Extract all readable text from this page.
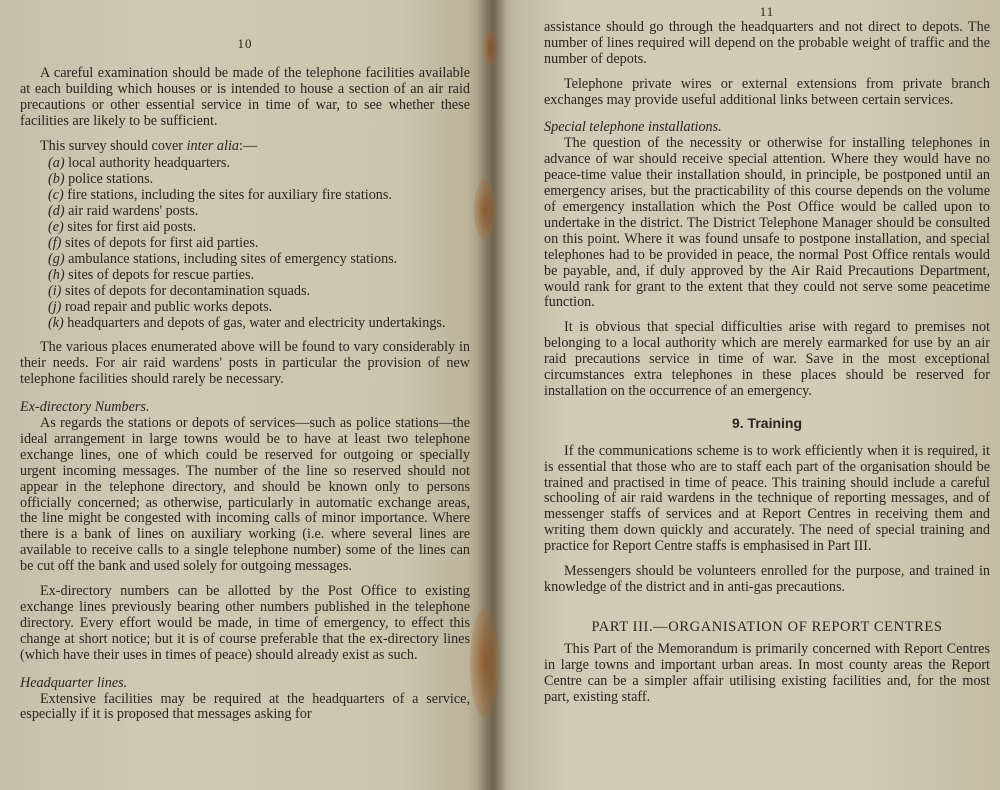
10

A careful examination should be made of the telephone facilities available at each building which houses or is intended to house a section of an air raid precautions or other essential service in time of war, to see whether these facilities are likely to be sufficient.

This survey should cover inter alia:—

(a) local authority headquarters.

(b) police stations.

(c) fire stations, including the sites for auxiliary fire stations.

(d) air raid wardens' posts.

(e) sites for first aid posts.

(f) sites of depots for first aid parties.

(g) ambulance stations, including sites of emergency stations.

(h) sites of depots for rescue parties.

(i) sites of depots for decontamination squads.

(j) road repair and public works depots.

(k) headquarters and depots of gas, water and electricity undertakings.

The various places enumerated above will be found to vary considerably in their needs. For air raid wardens' posts in particular the provision of new telephone facilities should rarely be necessary.

Ex-directory Numbers.

As regards the stations or depots of services—such as police stations—the ideal arrangement in large towns would be to have at least two telephone exchange lines, one of which could be reserved for outgoing or specially urgent incoming messages. The number of the line so reserved should not appear in the telephone directory, and should be known only to persons officially concerned; as otherwise, particularly in automatic exchange areas, the line might be congested with incoming calls of minor importance. Where there is a bank of lines on auxiliary working (i.e. where several lines are available to receive calls to a single telephone number) some of the lines can be cut off the bank and used solely for outgoing messages.

Ex-directory numbers can be allotted by the Post Office to existing exchange lines previously bearing other numbers published in the telephone directory. Every effort would be made, in time of emergency, to effect this change at short notice; but it is of course preferable that the ex-directory lines (which have their uses in times of peace) should already exist as such.

Headquarter lines.

Extensive facilities may be required at the headquarters of a service, especially if it is proposed that messages asking for

11

assistance should go through the headquarters and not direct to depots. The number of lines required will depend on the probable weight of traffic and the number of depots.

Telephone private wires or external extensions from private branch exchanges may provide useful additional links between certain services.

Special telephone installations.

The question of the necessity or otherwise for installing telephones in advance of war should receive special attention. Where they would have no peace-time value their installation should, in principle, be postponed until an emergency arises, but the practicability of this course depends on the volume of emergency installation which the Post Office would be called upon to undertake in the district. The District Telephone Manager should be consulted on this point. Where it was found unsafe to postpone installation, and special telephones had to be provided in peace, the normal Post Office rentals would be payable, and, if duly approved by the Air Raid Precautions Department, would rank for grant to the extent that they could not serve some peacetime function.

It is obvious that special difficulties arise with regard to premises not belonging to a local authority which are merely earmarked for use by an air raid precautions service in time of war. Save in the most exceptional circumstances extra telephones in these places should be reserved for installation on the occurrence of an emergency.

9. Training

If the communications scheme is to work efficiently when it is required, it is essential that those who are to staff each part of the organisation should be trained and practised in time of peace. This training should include a careful schooling of air raid wardens in the technique of reporting messages, and of messenger staffs of services and at Report Centres in receiving them and writing them down quickly and accurately. The need of special training and practice for Report Centre staffs is emphasised in Part III.

Messengers should be volunteers enrolled for the purpose, and trained in knowledge of the district and in anti-gas precautions.

PART III.—ORGANISATION OF REPORT CENTRES

This Part of the Memorandum is primarily concerned with Report Centres in large towns and important urban areas. In most county areas the Report Centre can be a simpler affair utilising existing facilities and, for the most part, existing staff.
